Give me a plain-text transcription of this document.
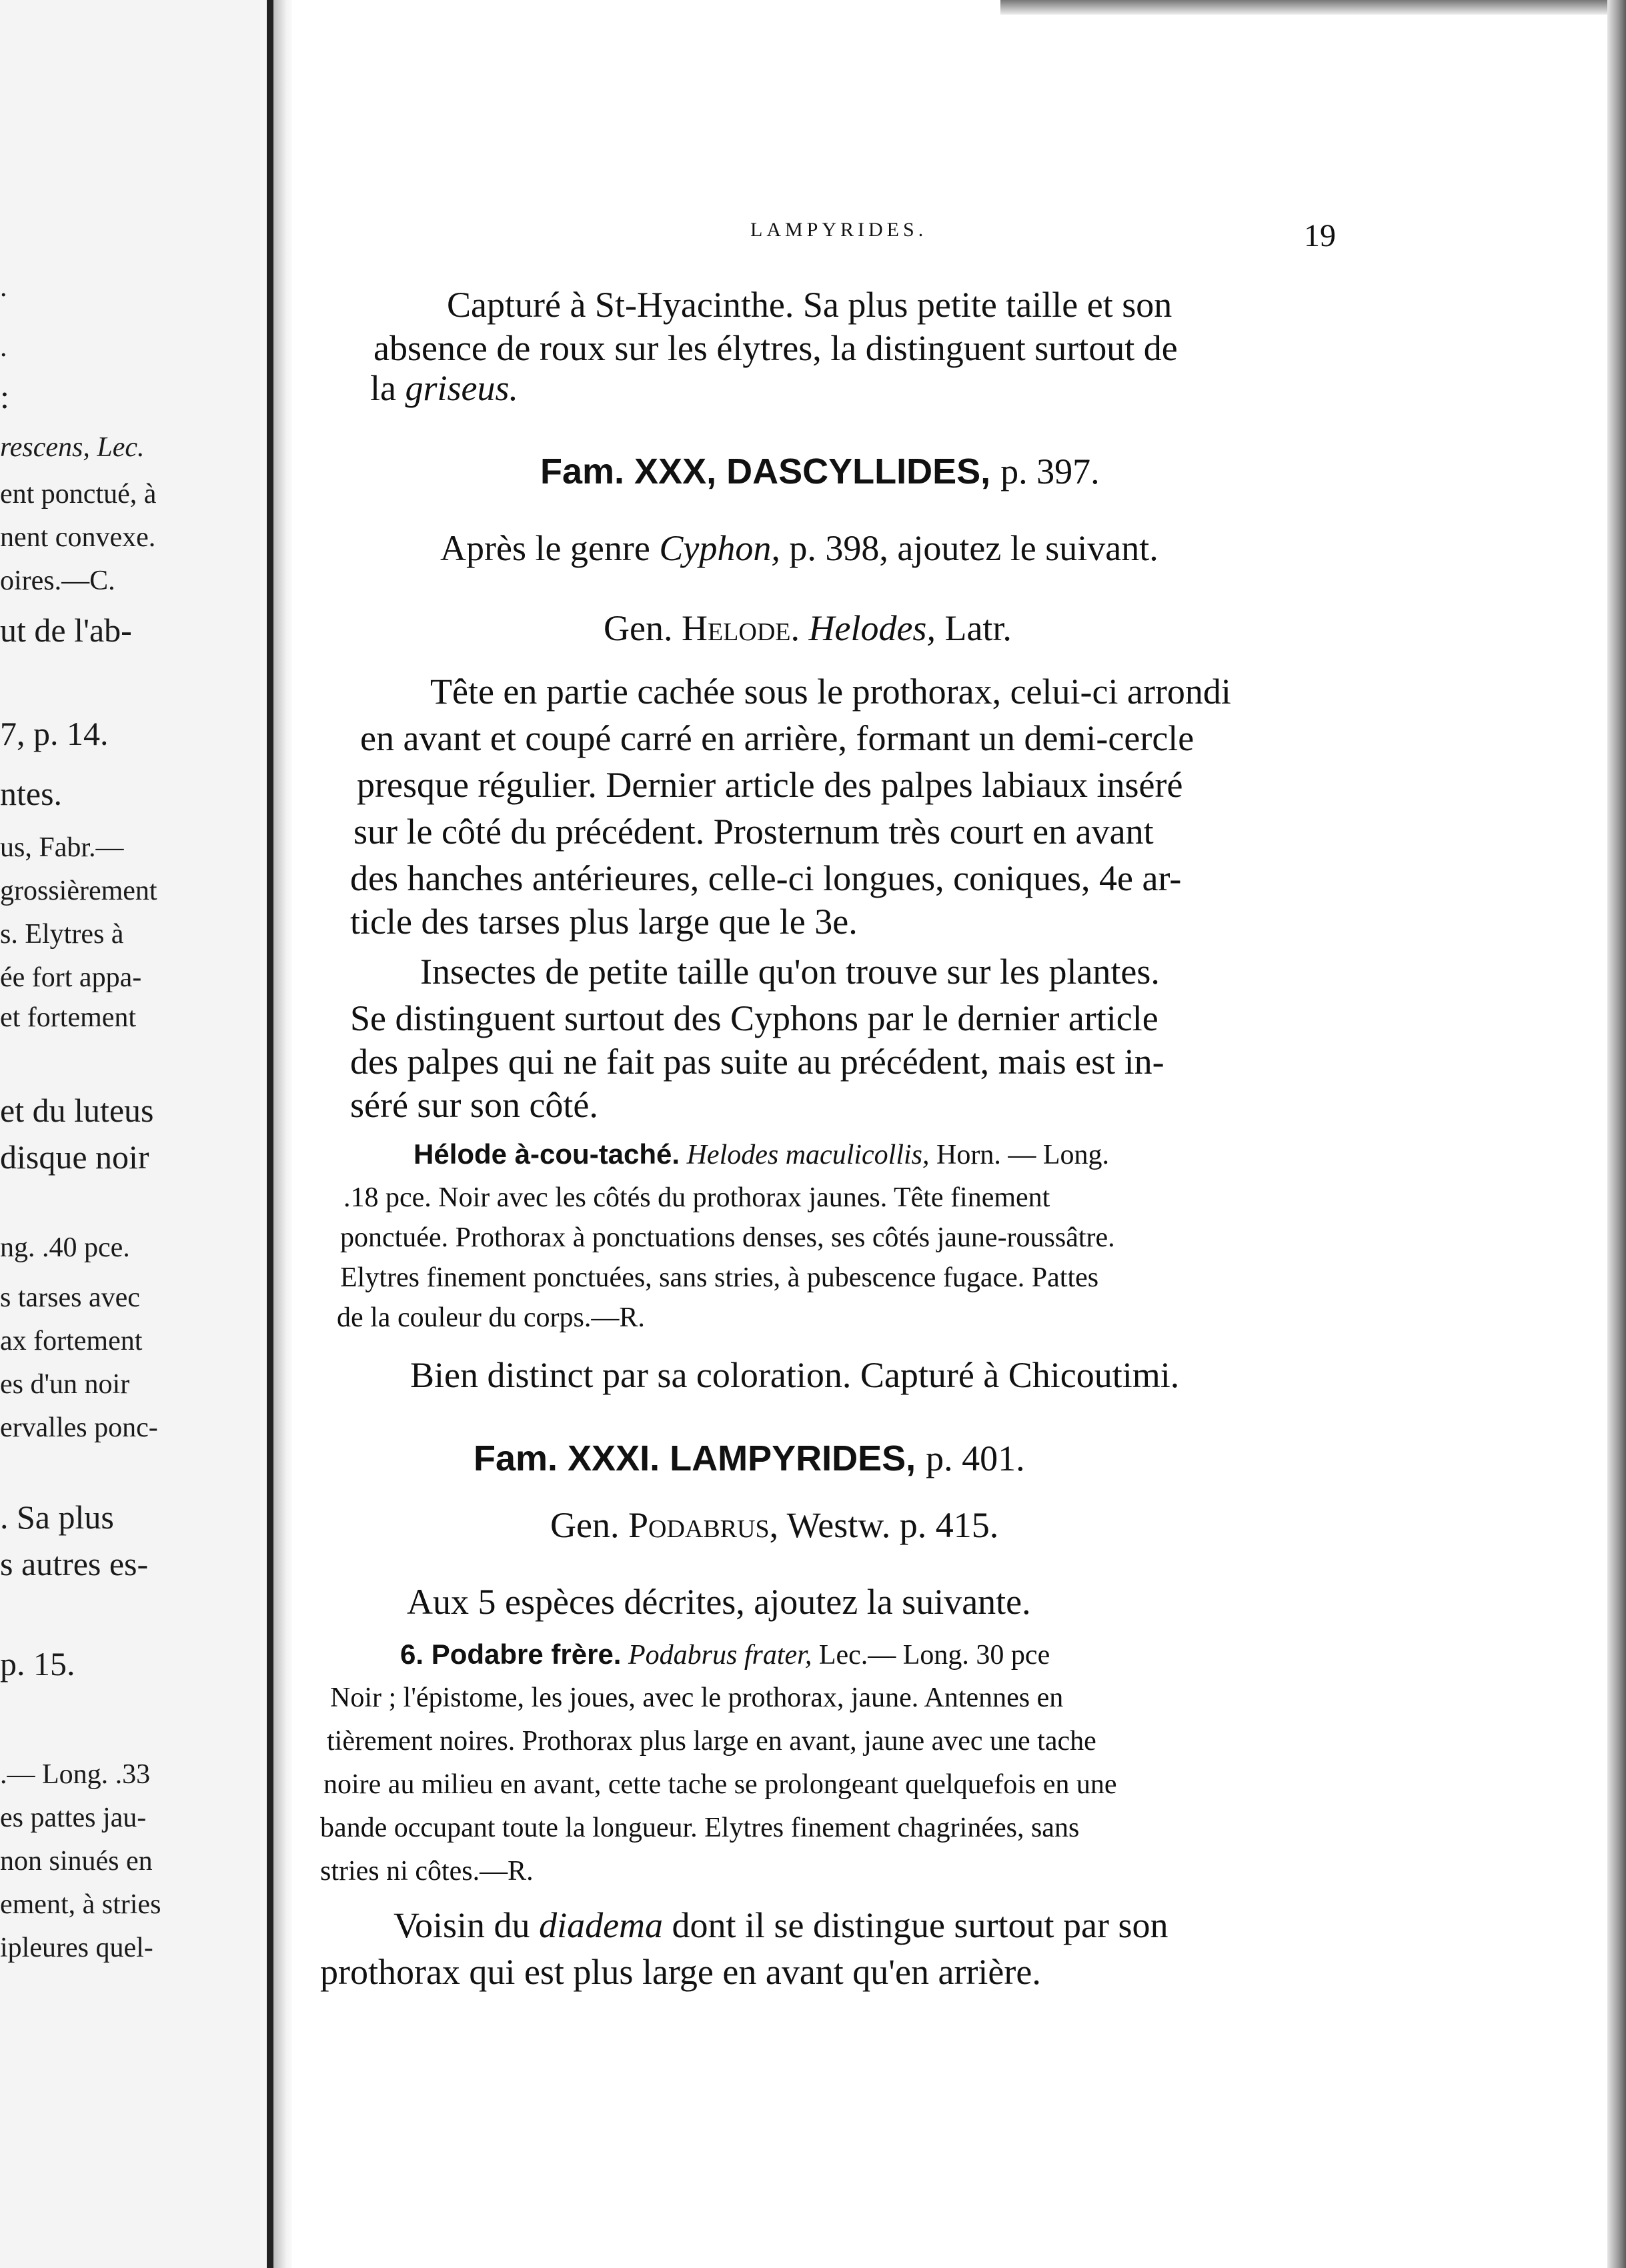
.
.
:
rescens, Lec.
ent ponctué, à
nent convexe.
oires.—C.
ut de l'ab-
7, p. 14.
ntes.
us, Fabr.—
grossièrement
s. Elytres à
ée fort appa-
et fortement
et du luteus
disque noir
ng. .40 pce.
s tarses avec
ax fortement
es d'un noir
ervalles ponc-
. Sa plus
s autres es-
p. 15.
.— Long. .33
es pattes jau-
non sinués en
ement, à stries
ipleures quel-
LAMPYRIDES.	19
Capturé à St-Hyacinthe. Sa plus petite taille et son
absence de roux sur les élytres, la distinguent surtout de
la griseus.
Fam. XXX, DASCYLLIDES, p. 397.
Après le genre Cyphon, p. 398, ajoutez le suivant.
Gen. Helode. Helodes, Latr.
Tête en partie cachée sous le prothorax, celui-ci arrondi
en avant et coupé carré en arrière, formant un demi-cercle
presque régulier. Dernier article des palpes labiaux inséré
sur le côté du précédent. Prosternum très court en avant
des hanches antérieures, celle-ci longues, coniques, 4e ar-
ticle des tarses plus large que le 3e.
Insectes de petite taille qu'on trouve sur les plantes.
Se distinguent surtout des Cyphons par le dernier article
des palpes qui ne fait pas suite au précédent, mais est in-
séré sur son côté.
Hélode à-cou-taché. Helodes maculicollis, Horn. — Long.
.18 pce. Noir avec les côtés du prothorax jaunes. Tête finement
ponctuée. Prothorax à ponctuations denses, ses côtés jaune-roussâtre.
Elytres finement ponctuées, sans stries, à pubescence fugace. Pattes
de la couleur du corps.—R.
Bien distinct par sa coloration. Capturé à Chicoutimi.
Fam. XXXI. LAMPYRIDES, p. 401.
Gen. Podabrus, Westw. p. 415.
Aux 5 espèces décrites, ajoutez la suivante.
6. Podabre frère. Podabrus frater, Lec.— Long. 30 pce
Noir ; l'épistome, les joues, avec le prothorax, jaune. Antennes en
tièrement noires. Prothorax plus large en avant, jaune avec une tache
noire au milieu en avant, cette tache se prolongeant quelquefois en une
bande occupant toute la longueur. Elytres finement chagrinées, sans
stries ni côtes.—R.
Voisin du diadema dont il se distingue surtout par son
prothorax qui est plus large en avant qu'en arrière.
